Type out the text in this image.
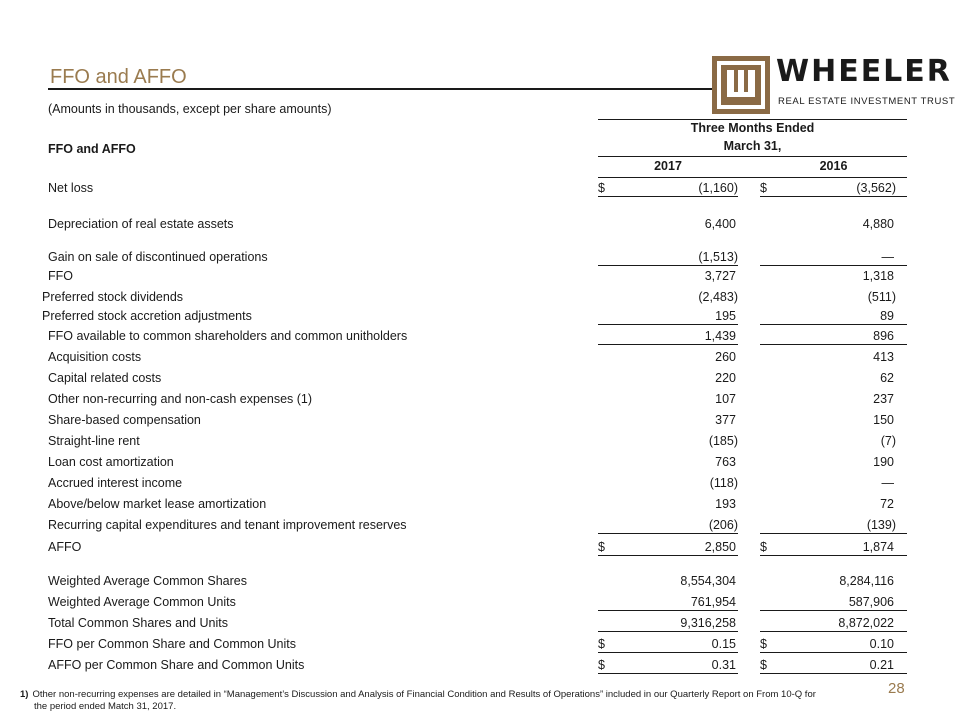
FFO and AFFO	WHEELER
REAL ESTATE INVESTMENT TRUST
(Amounts in thousands, except per share amounts)
FFO and AFFO
Three Months Ended
March 31,
2017	2016
Net loss	$	(1,160) $	(3,562)
Depreciation of real estate assets	6,400	4,880
Gain on sale of discontinued operations	(1,513)	—
FFO	3,727	1,318
Preferred stock dividends	(2,483)	(511)
Preferred stock accretion adjustments	195	89
FFO available to common shareholders and common unitholders	1,439	896
Acquisition costs	260	413
Capital related costs	220	62
Other non-recurring and non-cash expenses (1)	107	237
Share-based compensation	377	150
Straight-line rent	(185)	(7)
Loan cost amortization	763	190
Accrued interest income	(118)	—
Above/below market lease amortization	193	72
Recurring capital expenditures and tenant improvement reserves	(206)	(139)
AFFO	$	2,850 $	1,874
Weighted Average Common Shares	8,554,304	8,284,116
Weighted Average Common Units	761,954	587,906
Total Common Shares and Units	9,316,258	8,872,022
FFO per Common Share and Common Units	$	0.15 $	0.10
AFFO per Common Share and Common Units	$	0.31 $	0.21
1) Other non-recurring expenses are detailed in “Management’s Discussion and Analysis of Financial Condition and Results of Operations” included in our Quarterly Report on From 10-Q for
the period ended Match 31, 2017.
28
